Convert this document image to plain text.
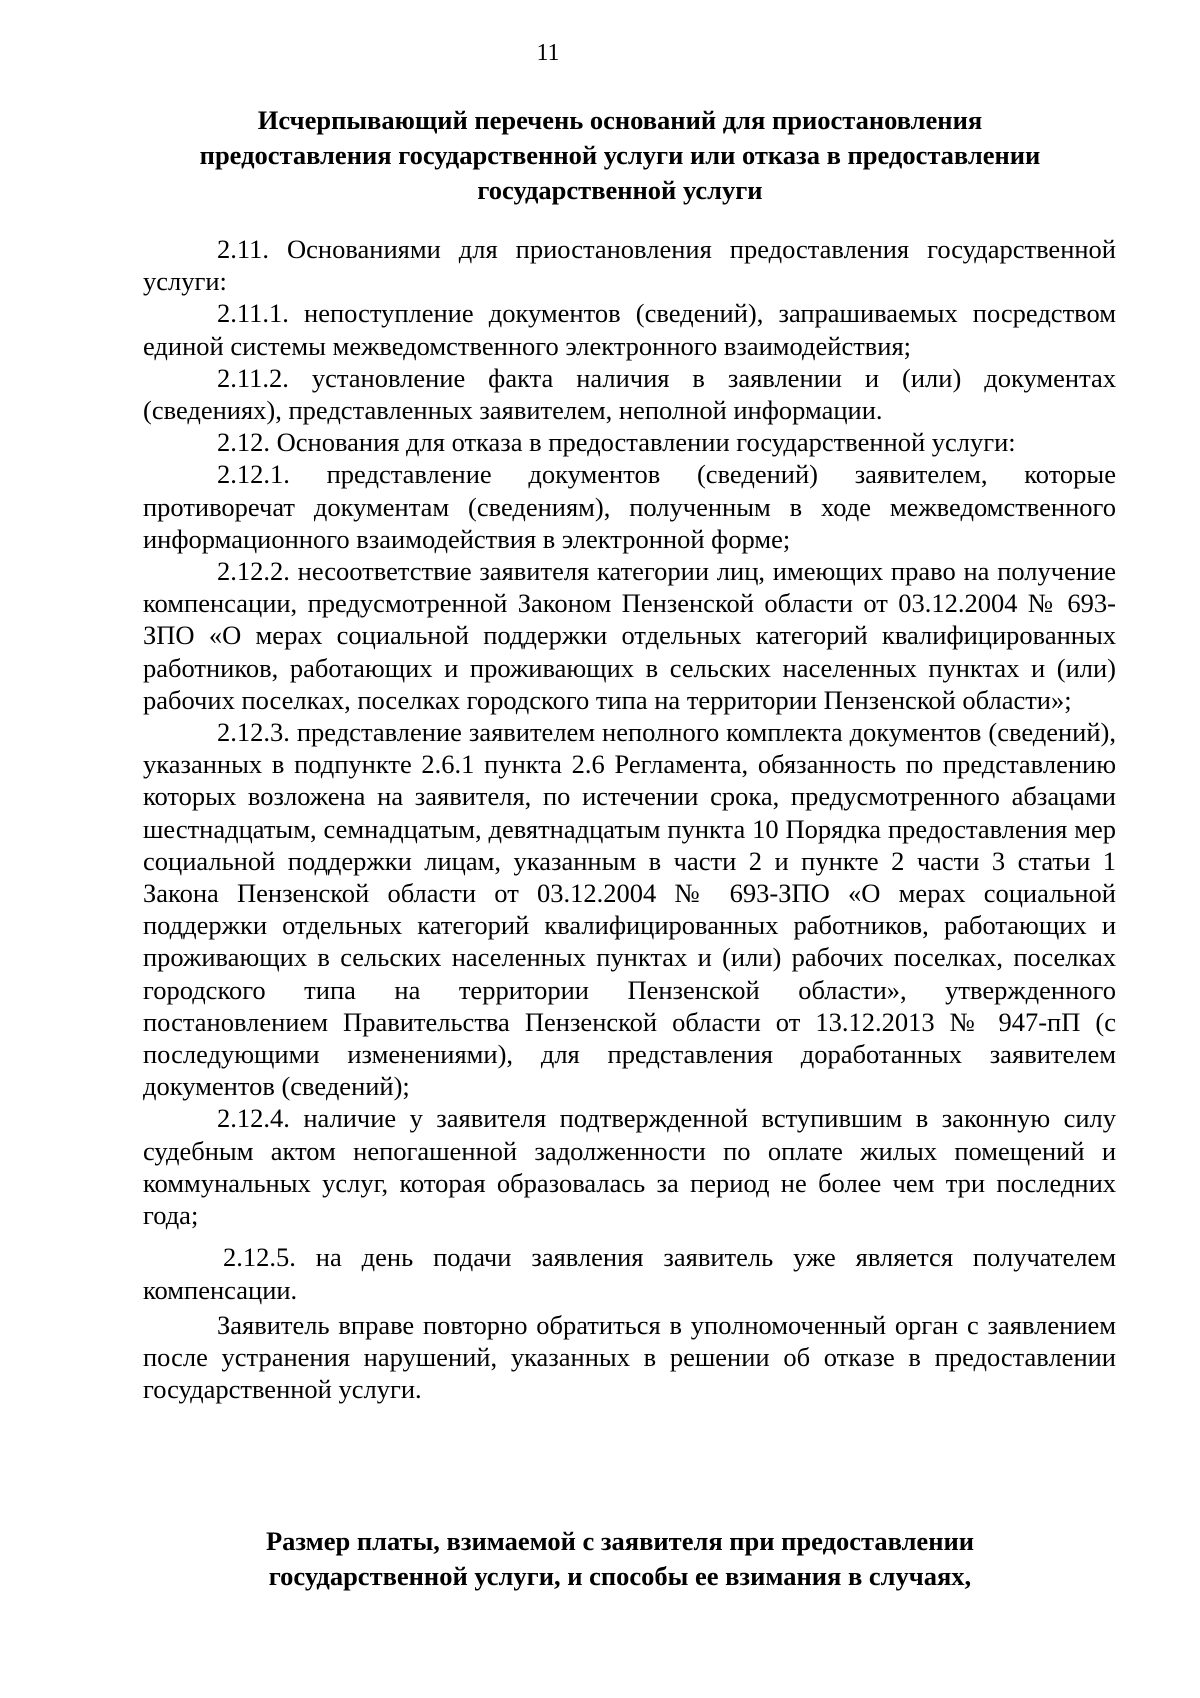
11
Исчерпывающий перечень оснований для приостановления
предоставления государственной услуги или отказа в предоставлении
государственной услуги

2.11. Основаниями для приостановления предоставления государственной услуги:

2.11.1. непоступление документов (сведений), запрашиваемых посредством единой системы межведомственного электронного взаимодействия;

2.11.2. установление факта наличия в заявлении и (или) документах (сведениях), представленных заявителем, неполной информации.

2.12. Основания для отказа в предоставлении государственной услуги:

2.12.1. представление документов (сведений) заявителем, которые противоречат документам (сведениям), полученным в ходе межведомственного информационного взаимодействия в электронной форме;

2.12.2. несоответствие заявителя категории лиц, имеющих право на получение компенсации, предусмотренной Законом Пензенской области от 03.12.2004 № 693-ЗПО «О мерах социальной поддержки отдельных категорий квалифицированных работников, работающих и проживающих в сельских населенных пунктах и (или) рабочих поселках, поселках городского типа на территории Пензенской области»;

2.12.3. представление заявителем неполного комплекта документов (сведений), указанных в подпункте 2.6.1 пункта 2.6 Регламента, обязанность по представлению которых возложена на заявителя, по истечении срока, предусмотренного абзацами шестнадцатым, семнадцатым, девятнадцатым пункта 10 Порядка предоставления мер социальной поддержки лицам, указанным в части 2 и пункте 2 части 3 статьи 1 Закона Пензенской области от 03.12.2004 № 693-ЗПО «О мерах социальной поддержки отдельных категорий квалифицированных работников, работающих и проживающих в сельских населенных пунктах и (или) рабочих поселках, поселках городского типа на территории Пензенской области», утвержденного постановлением Правительства Пензенской области от 13.12.2013 № 947-пП (с последующими изменениями), для представления доработанных заявителем документов (сведений);

2.12.4. наличие у заявителя подтвержденной вступившим в законную силу судебным актом непогашенной задолженности по оплате жилых помещений и коммунальных услуг, которая образовалась за период не более чем три последних года;

2.12.5. на день подачи заявления заявитель уже является получателем компенсации.

Заявитель вправе повторно обратиться в уполномоченный орган с заявлением после устранения нарушений, указанных в решении об отказе в предоставлении государственной услуги.

Размер платы, взимаемой с заявителя при предоставлении
государственной услуги, и способы ее взимания в случаях,
